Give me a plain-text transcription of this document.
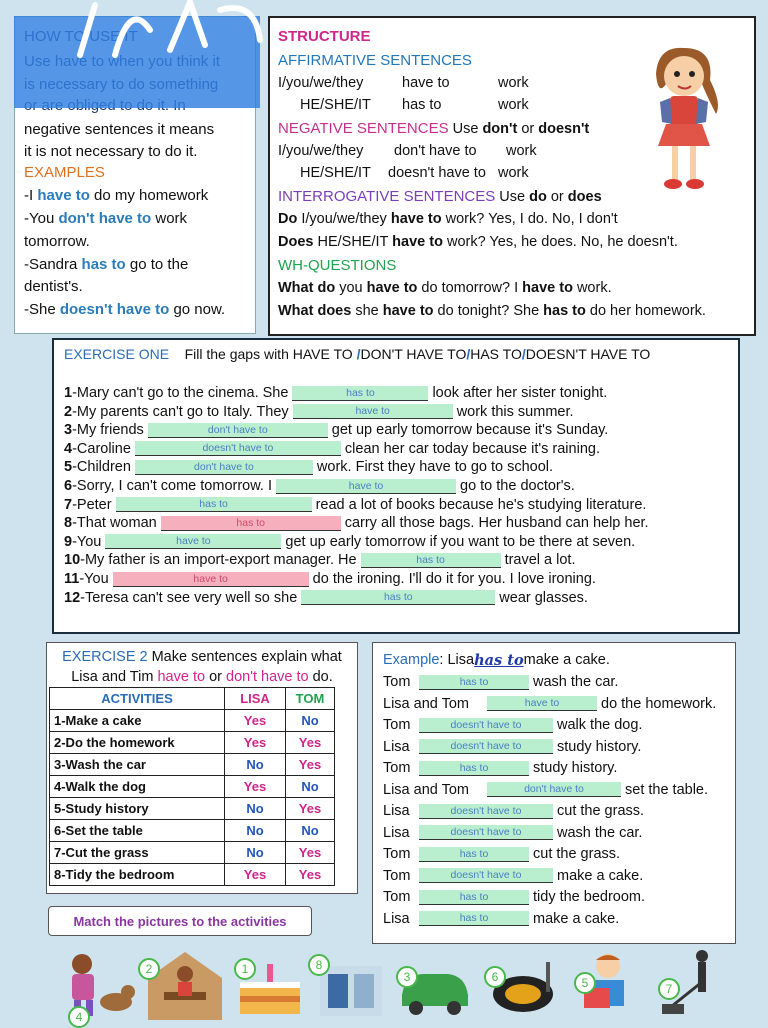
negative sentences it means
it is not necessary to do it.
EXAMPLES
-I have to do my homework
-You don't have to work
tomorrow.
-Sandra has to go to the
dentist's.
-She doesn't have to go now.
STRUCTURE
AFFIRMATIVE SENTENCES
I/you/we/they	have to	work
HE/SHE/IT has to	work
NEGATIVE SENTENCES Use don't or doesn't
I/you/we/they don't have to work
HE/SHE/IT doesn't have to work
INTERROGATIVE SENTENCES Use do or does
Do I/you/we/they have to work? Yes, I do. No, I don't
Does HE/SHE/IT have to work? Yes, he does. No, he doesn't.
WH-QUESTIONS
What do you have to do tomorrow? I have to work.
What does she have to do tonight? She has to do her homework.
EXERCISE ONE Fill the gaps with HAVE TO /DON'T HAVE TO/HAS TO/DOESN'T HAVE TO
1 -Mary can't go to the cinema. She	has to	look after her sister tonight.
2 -My parents can't go to Italy. They	have to	work this summer.
3 -My friends	don't have to	get up early tomorrow because it's Sunday.
4 -Caroline	doesn't have to	clean her car today because it's raining.
5 -Children	don't have to	work. First they have to go to school.
6 -Sorry, I can't come tomorrow. I	have to	go to the doctor's.
7 -Peter	has to	read a lot of books because he's studying literature.
8 -That woman	has to	carry all those bags. Her husband can help her.
9 -You	have to	get up early tomorrow if you want to be there at seven.
10 -My father is an import-export manager. He	has to	travel a lot.
11 -You	have to	do the ironing. I'll do it for you. I love ironing.
12 -Teresa can't see very well so she	has to	wear glasses.
EXERCISE 2 Make sentences explain what
Lisa and Tim have to or don't have to do.
ACTIVITIES	LISA	TOM
1-Make a cake	Yes	No
2-Do the homework	Yes	Yes
3-Wash the car	No	Yes
4-Walk the dog	Yes	No
5-Study history	No	Yes
6-Set the table	No	No
7-Cut the grass	No	Yes
8-Tidy the bedroom	Yes	Yes
Match the pictures to the activities
Example : Lisa has to make a cake.
Tom	has to	wash the car.
Lisa and Tom	have to	do the homework.
Tom	doesn't have to	walk the dog.
Lisa	doesn't have to	study history.
Tom	has to	study history.
Lisa and Tom	don't have to	set the table.
Lisa	doesn't have to	cut the grass.
Lisa	doesn't have to	wash the car.
Tom	has to	cut the grass.
Tom	doesn't have to	make a cake.
Tom	has to	tidy the bedroom.
Lisa	has to	make a cake.
4
2	1	8
3	6	5	7
